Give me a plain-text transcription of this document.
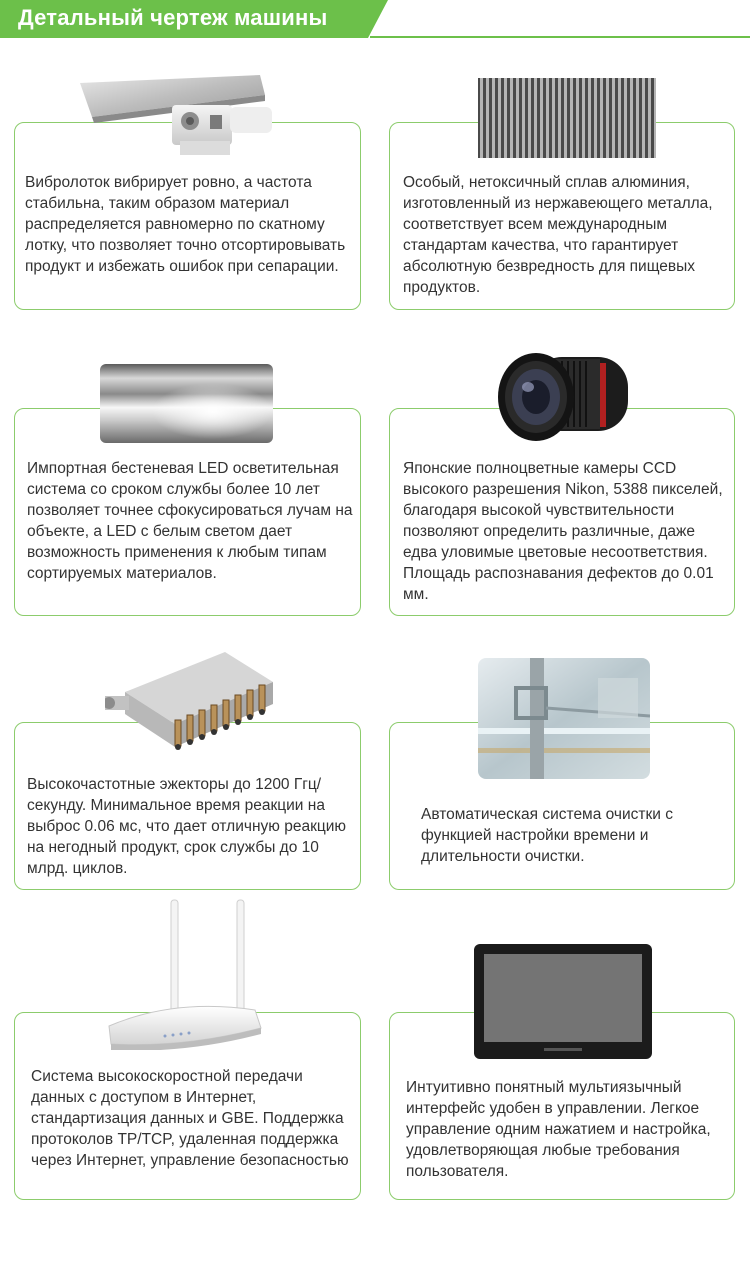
Детальный чертеж машины
Вибролоток вибрирует ровно, а частота стабильна, таким образом материал распределяется равномерно по скатному лотку, что позволяет точно отсортировывать продукт и избежать ошибок при сепарации.
Особый, нетоксичный сплав алюминия, изготовленный из нержавеющего металла, соответствует всем международным стандартам качества, что гарантирует абсолютную безвредность для пищевых продуктов.
Импортная бестеневая LED осветительная система со сроком службы более 10 лет позволяет точнее сфокусироваться лучам на объекте, а LED с белым светом дает возможность применения к любым типам сортируемых материалов.
Японские полноцветные камеры CCD высокого разрешения Nikon, 5388 пикселей, благодаря высокой чувствительности позволяют определить различные, даже едва уловимые цветовые несоответствия. Площадь распознавания дефектов до 0.01 мм.
Высокочастотные эжекторы до 1200 Ггц/секунду. Минимальное время реакции на выброс 0.06 мс, что дает отличную реакцию на негодный продукт, срок службы до 10 млрд. циклов.
Автоматическая система очистки с функцией настройки времени и длительности очистки.
Система высокоскоростной передачи данных с доступом в Интернет, стандартизация данных и GBE. Поддержка протоколов TP/TCP, удаленная поддержка через Интернет, управление безопасностью
Интуитивно понятный мультиязычный интерфейс удобен в управлении. Легкое управление одним нажатием и настройка, удовлетворяющая любые требования пользователя.
